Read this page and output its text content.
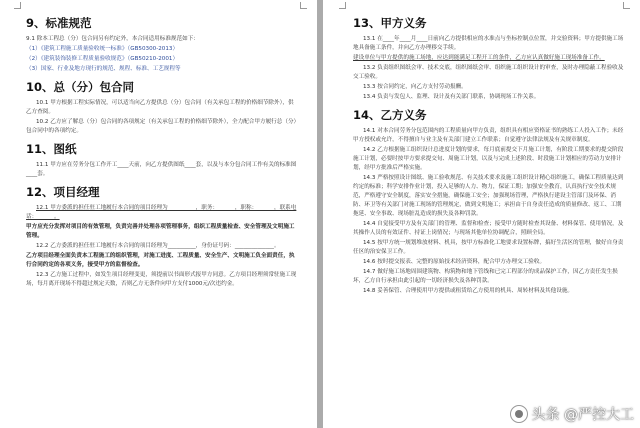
9、标准规范
9.1 除本工程总（分）包合同另有约定外，本合同适用标准规范如下：
（1）《建筑工程施工质量验收统一标准》（GB50300-2013）
（2）《建筑装饰装修工程质量验收规范》（GB50210-2001）
（3）国家、行业及地方现行的规范、规程、标准、工艺规程等
10、总（分）包合同
10.1 甲方根据工程实际情况，可以适当向乙方提供总（分）包合同（有关承包工程的价格细节除外），供乙方查阅。
10.2 乙方应了解总（分）包合同的各项规定（有关承包工程的价格细节除外），全力配合甲方履行总（分）包合同中的各项约定。
11、图纸
11.1 甲方应在劳务分包工作开工____天前，向乙方提供图纸____套，以及与本分包合同工作有关的标准图____套。
12、项目经理
12.1 甲方委派的担任驻工地履行本合同的项目经理为__________，职务：______，职称：______，联系电话：______。
甲方应充分发挥对项目的有效管理，负责完善并处理各项管理事务，组织工程质量检查、安全管理及文明施工管理。
12.2 乙方委派的担任驻工地履行本合同的项目经理为__________，身份证号码：______________。
乙方项目经理全面负责本工程施工的组织管理，对施工进度、工程质量、安全生产、文明施工负全面责任，执行合同约定的各项义务，接受甲方的监督检查。
12.3 乙方施工过程中，如发生项目经理变更，须提前以书面形式报甲方同意。乙方项目经理须常驻施工现场，每月离开现场不得超过规定天数，否则乙方无条件向甲方支付1000元/次违约金。
13、甲方义务
13.1 在____年____月____日前向乙方提供相应的水准点与坐标控制点位置，并交验资料；甲方提供施工场地具备施工条件，并向乙方办理移交手续。
建设单位与甲方提供的施工场地，应达到能满足工程开工的条件，乙方应认真做好施工现场准备工作。
13.2 负责组织图纸会审、技术交底，组织图纸会审、组织施工组织设计的审查，及时办理隐蔽工程验收及交工验收。
13.3 按合同约定，向乙方支付劳动报酬。
13.4 负责与发包人、监理、设计及有关部门联系，协调现场工作关系。
14、乙方义务
14.1 对本合同劳务分包范围内的工程质量向甲方负责，组织具有相应资格证书的熟练工人投入工作；未经甲方授权或允许，不得擅自与业主及有关部门建立工作联系；自觉遵守法律法规及有关规章制度。
14.2 乙方根据施工组织设计总进度计划的要求，每月底前提交下月施工计划，有阶段工期要求的提交阶段施工计划，必要时按甲方要求提交旬、周施工计划，以及与完成上述阶段、时段施工计划相应的劳动力安排计划，经甲方批准后严格实施。
14.3 严格按照设计图纸、施工验收规范、有关技术要求及施工组织设计精心组织施工，确保工程质量达到约定的标准；科学安排作业计划，投入足够的人力、物力，保证工期；加强安全教育，认真执行安全技术规范，严格遵守安全制度，落实安全措施，确保施工安全；加强现场管理，严格执行建设主管部门及环保、消防、环卫等有关部门对施工现场的管理规定，做到文明施工；承担由于自身责任造成的质量修改、返工、工期拖延、安全事故、现场脏乱造成的损失及各种罚款。
14.4 自觉接受甲方及有关部门的管理、监督和检查；接受甲方随时检查其设备、材料保管、使用情况，及其操作人员的有效证件、持证上岗情况；与现场其他单位协调配合，照顾全局。
14.5 按甲方统一规划堆放材料、机具，按甲方标准化工地要求设置标牌，搞好生活区的管理，做好自身责任区的治安保卫工作。
14.6 按时提交报表、完整的原始技术经济资料，配合甲方办理交工验收。
14.7 做好施工场地周围建筑物、构筑物和地下管线和已完工程部分的成品保护工作，因乙方责任发生损坏，乙方自行承担由此引起的一切经济损失及各种罚款。
14.8 妥善保管、合理使用甲方提供或租赁给乙方使用的机具、周转材料及其他设施。
头条 @严控大工
